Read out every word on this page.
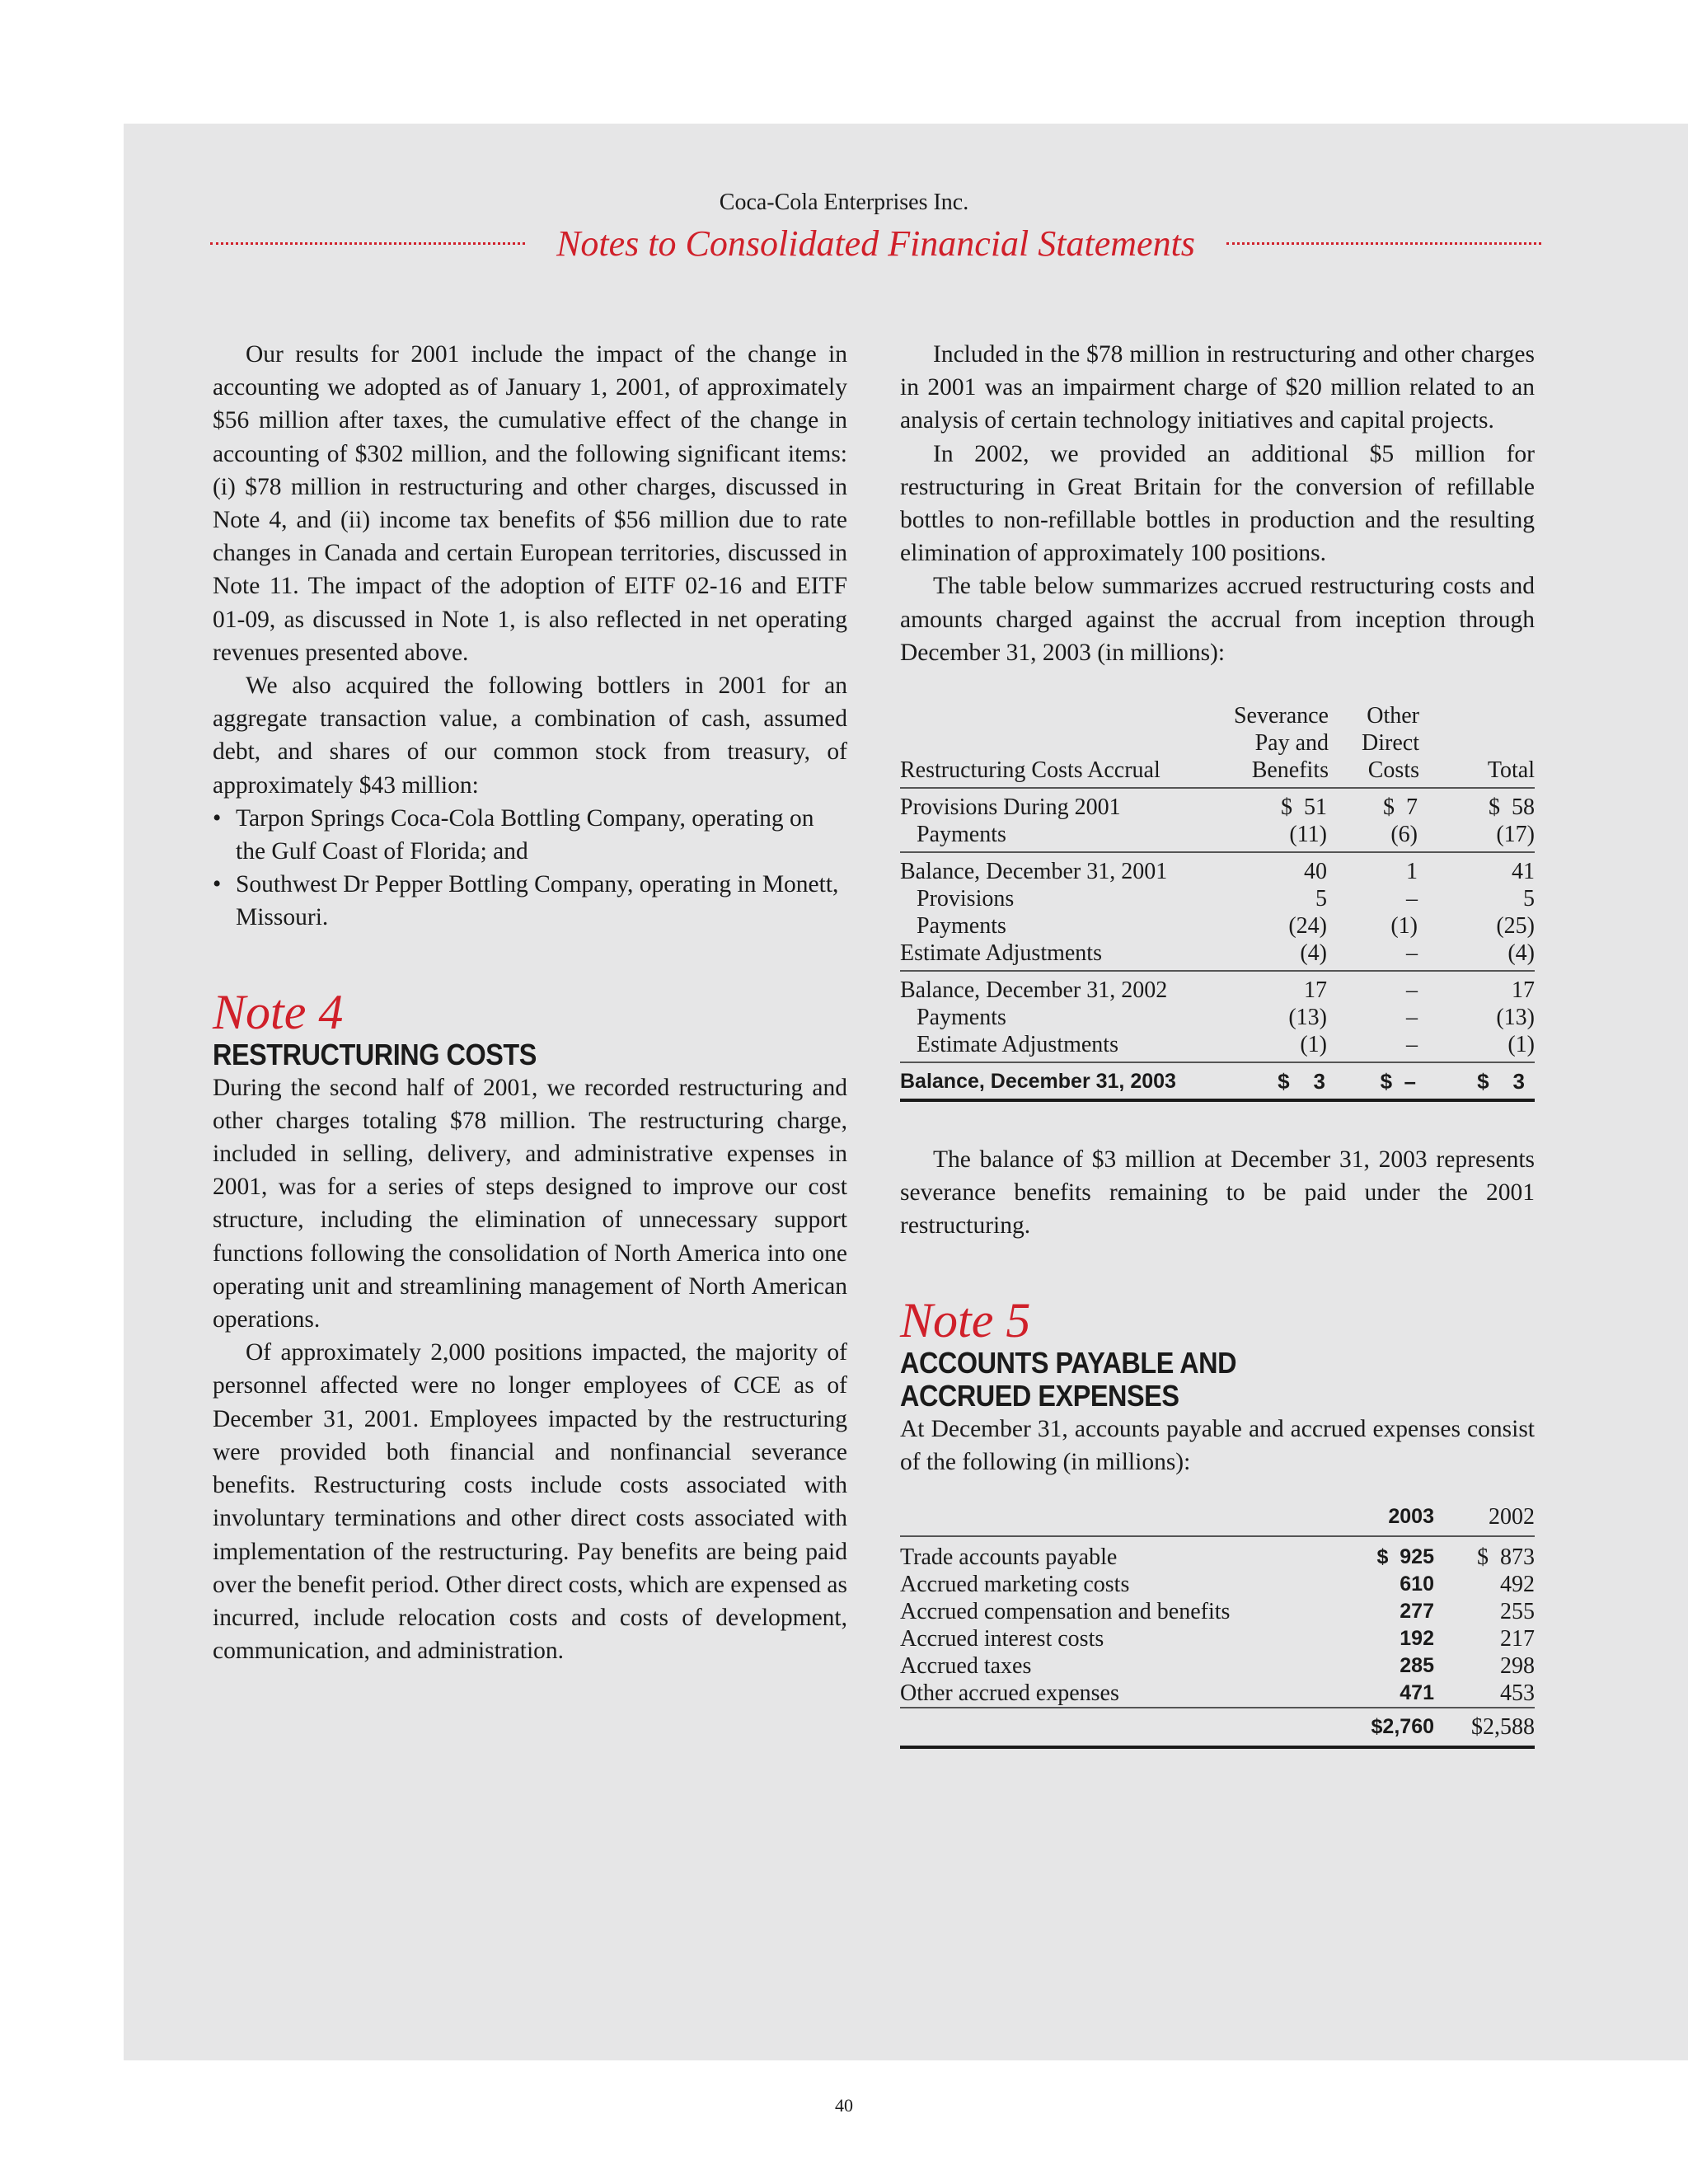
Coca-Cola Enterprises Inc.
Notes to Consolidated Financial Statements

Our results for 2001 include the impact of the change in accounting we adopted as of January 1, 2001, of approximately $56 million after taxes, the cumulative effect of the change in accounting of $302 million, and the following significant items: (i) $78 million in restructuring and other charges, discussed in Note 4, and (ii) income tax benefits of $56 million due to rate changes in Canada and certain European territories, discussed in Note 11. The impact of the adoption of EITF 02-16 and EITF 01-09, as discussed in Note 1, is also reflected in net operating revenues presented above.

We also acquired the following bottlers in 2001 for an aggregate transaction value, a combination of cash, assumed debt, and shares of our common stock from treasury, of approximately $43 million:

• Tarpon Springs Coca-Cola Bottling Company, operating on the Gulf Coast of Florida; and
• Southwest Dr Pepper Bottling Company, operating in Monett, Missouri.
Note 4
RESTRUCTURING COSTS

During the second half of 2001, we recorded restructuring and other charges totaling $78 million. The restructuring charge, included in selling, delivery, and administrative expenses in 2001, was for a series of steps designed to improve our cost structure, including the elimination of unnecessary support functions following the consolidation of North America into one operating unit and streamlining management of North American operations.

Of approximately 2,000 positions impacted, the majority of personnel affected were no longer employees of CCE as of December 31, 2001. Employees impacted by the restructuring were provided both financial and nonfinancial severance benefits. Restructuring costs include costs associated with involuntary terminations and other direct costs associated with implementation of the restructuring. Pay benefits are being paid over the benefit period. Other direct costs, which are expensed as incurred, include relocation costs and costs of development, communication, and administration.

Included in the $78 million in restructuring and other charges in 2001 was an impairment charge of $20 million related to an analysis of certain technology initiatives and capital projects.

In 2002, we provided an additional $5 million for restructuring in Great Britain for the conversion of refillable bottles to non-refillable bottles in production and the resulting elimination of approximately 100 positions.

The table below summarizes accrued restructuring costs and amounts charged against the accrual from inception through December 31, 2003 (in millions):

	Severance	Other	
	Pay and	Direct	
Restructuring Costs Accrual	Benefits	Costs	Total
Provisions During 2001	$  51	$  7	$  58
Payments	(11)	(6)	(17)
Balance, December 31, 2001	40	1	41
Provisions	5	–	5
Payments	(24)	(1)	(25)
Estimate Adjustments	(4)	–	(4)
Balance, December 31, 2002	17	–	17
Payments	(13)	–	(13)
Estimate Adjustments	(1)	–	(1)
Balance, December 31, 2003	$    3	$  –	$    3

The balance of $3 million at December 31, 2003 represents severance benefits remaining to be paid under the 2001 restructuring.

Note 5
ACCOUNTS PAYABLE AND
ACCRUED EXPENSES

At December 31, accounts payable and accrued expenses consist of the following (in millions):

	2003	2002
Trade accounts payable	$  925	$  873
Accrued marketing costs	610	492
Accrued compensation and benefits	277	255
Accrued interest costs	192	217
Accrued taxes	285	298
Other accrued expenses	471	453
	$2,760	$2,588
40
